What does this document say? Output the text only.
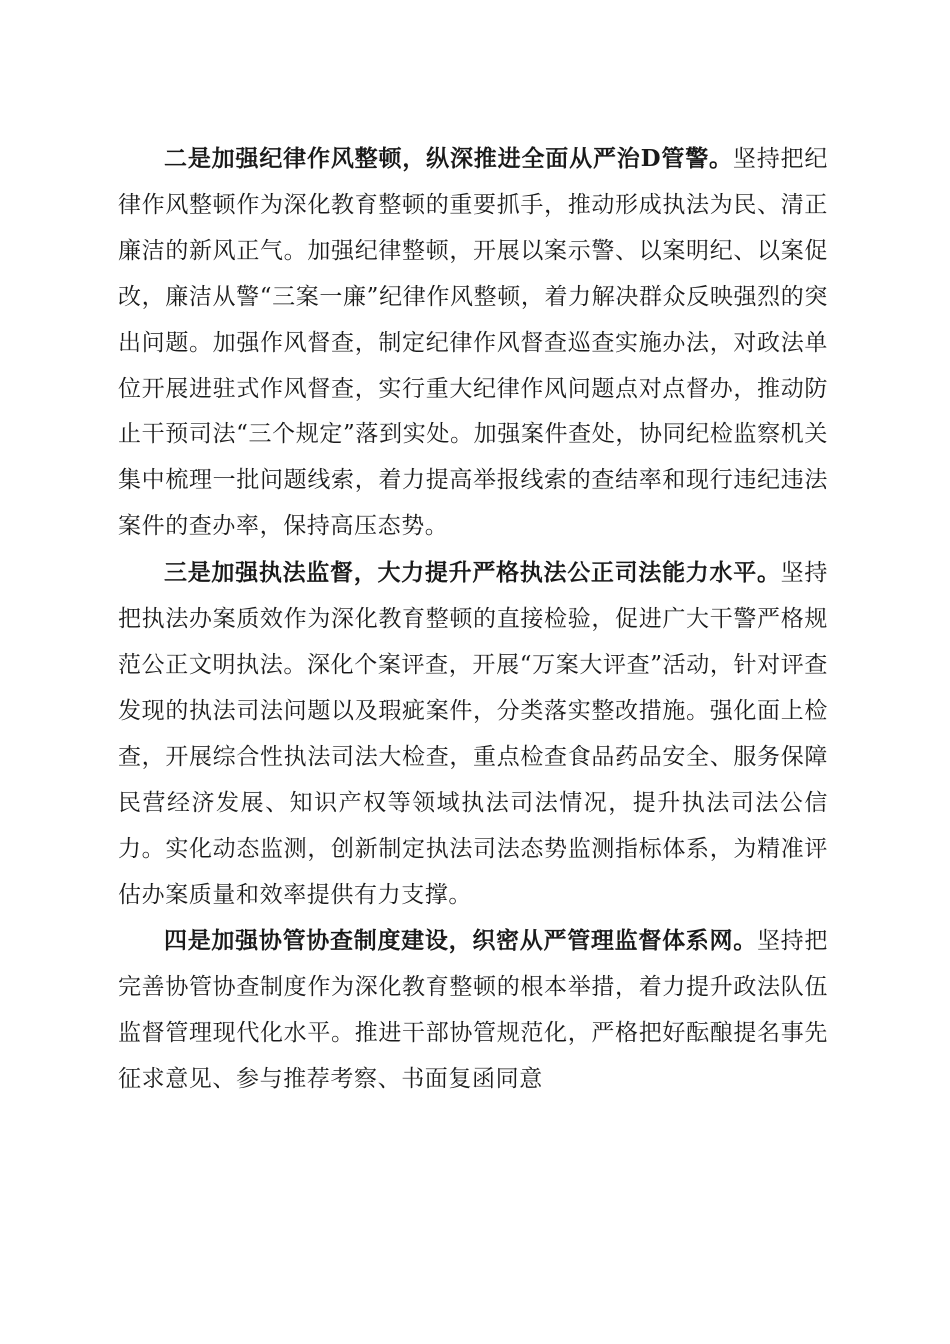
二是加强纪律作风整顿，纵深推进全面从严治D管警。坚持把纪律作风整顿作为深化教育整顿的重要抓手，推动形成执法为民、清正廉洁的新风正气。加强纪律整顿，开展以案示警、以案明纪、以案促改，廉洁从警“三案一廉”纪律作风整顿，着力解决群众反映强烈的突出问题。加强作风督查，制定纪律作风督查巡查实施办法，对政法单位开展进驻式作风督查，实行重大纪律作风问题点对点督办，推动防止干预司法“三个规定”落到实处。加强案件查处，协同纪检监察机关集中梳理一批问题线索，着力提高举报线索的查结率和现行违纪违法案件的查办率，保持高压态势。

三是加强执法监督，大力提升严格执法公正司法能力水平。坚持把执法办案质效作为深化教育整顿的直接检验，促进广大干警严格规范公正文明执法。深化个案评查，开展“万案大评查”活动，针对评查发现的执法司法问题以及瑕疵案件，分类落实整改措施。强化面上检查，开展综合性执法司法大检查，重点检查食品药品安全、服务保障民营经济发展、知识产权等领域执法司法情况，提升执法司法公信力。实化动态监测，创新制定执法司法态势监测指标体系，为精准评估办案质量和效率提供有力支撑。

四是加强协管协查制度建设，织密从严管理监督体系网。坚持把完善协管协查制度作为深化教育整顿的根本举措，着力提升政法队伍监督管理现代化水平。推进干部协管规范化，严格把好酝酿提名事先征求意见、参与推荐考察、书面复函同意
